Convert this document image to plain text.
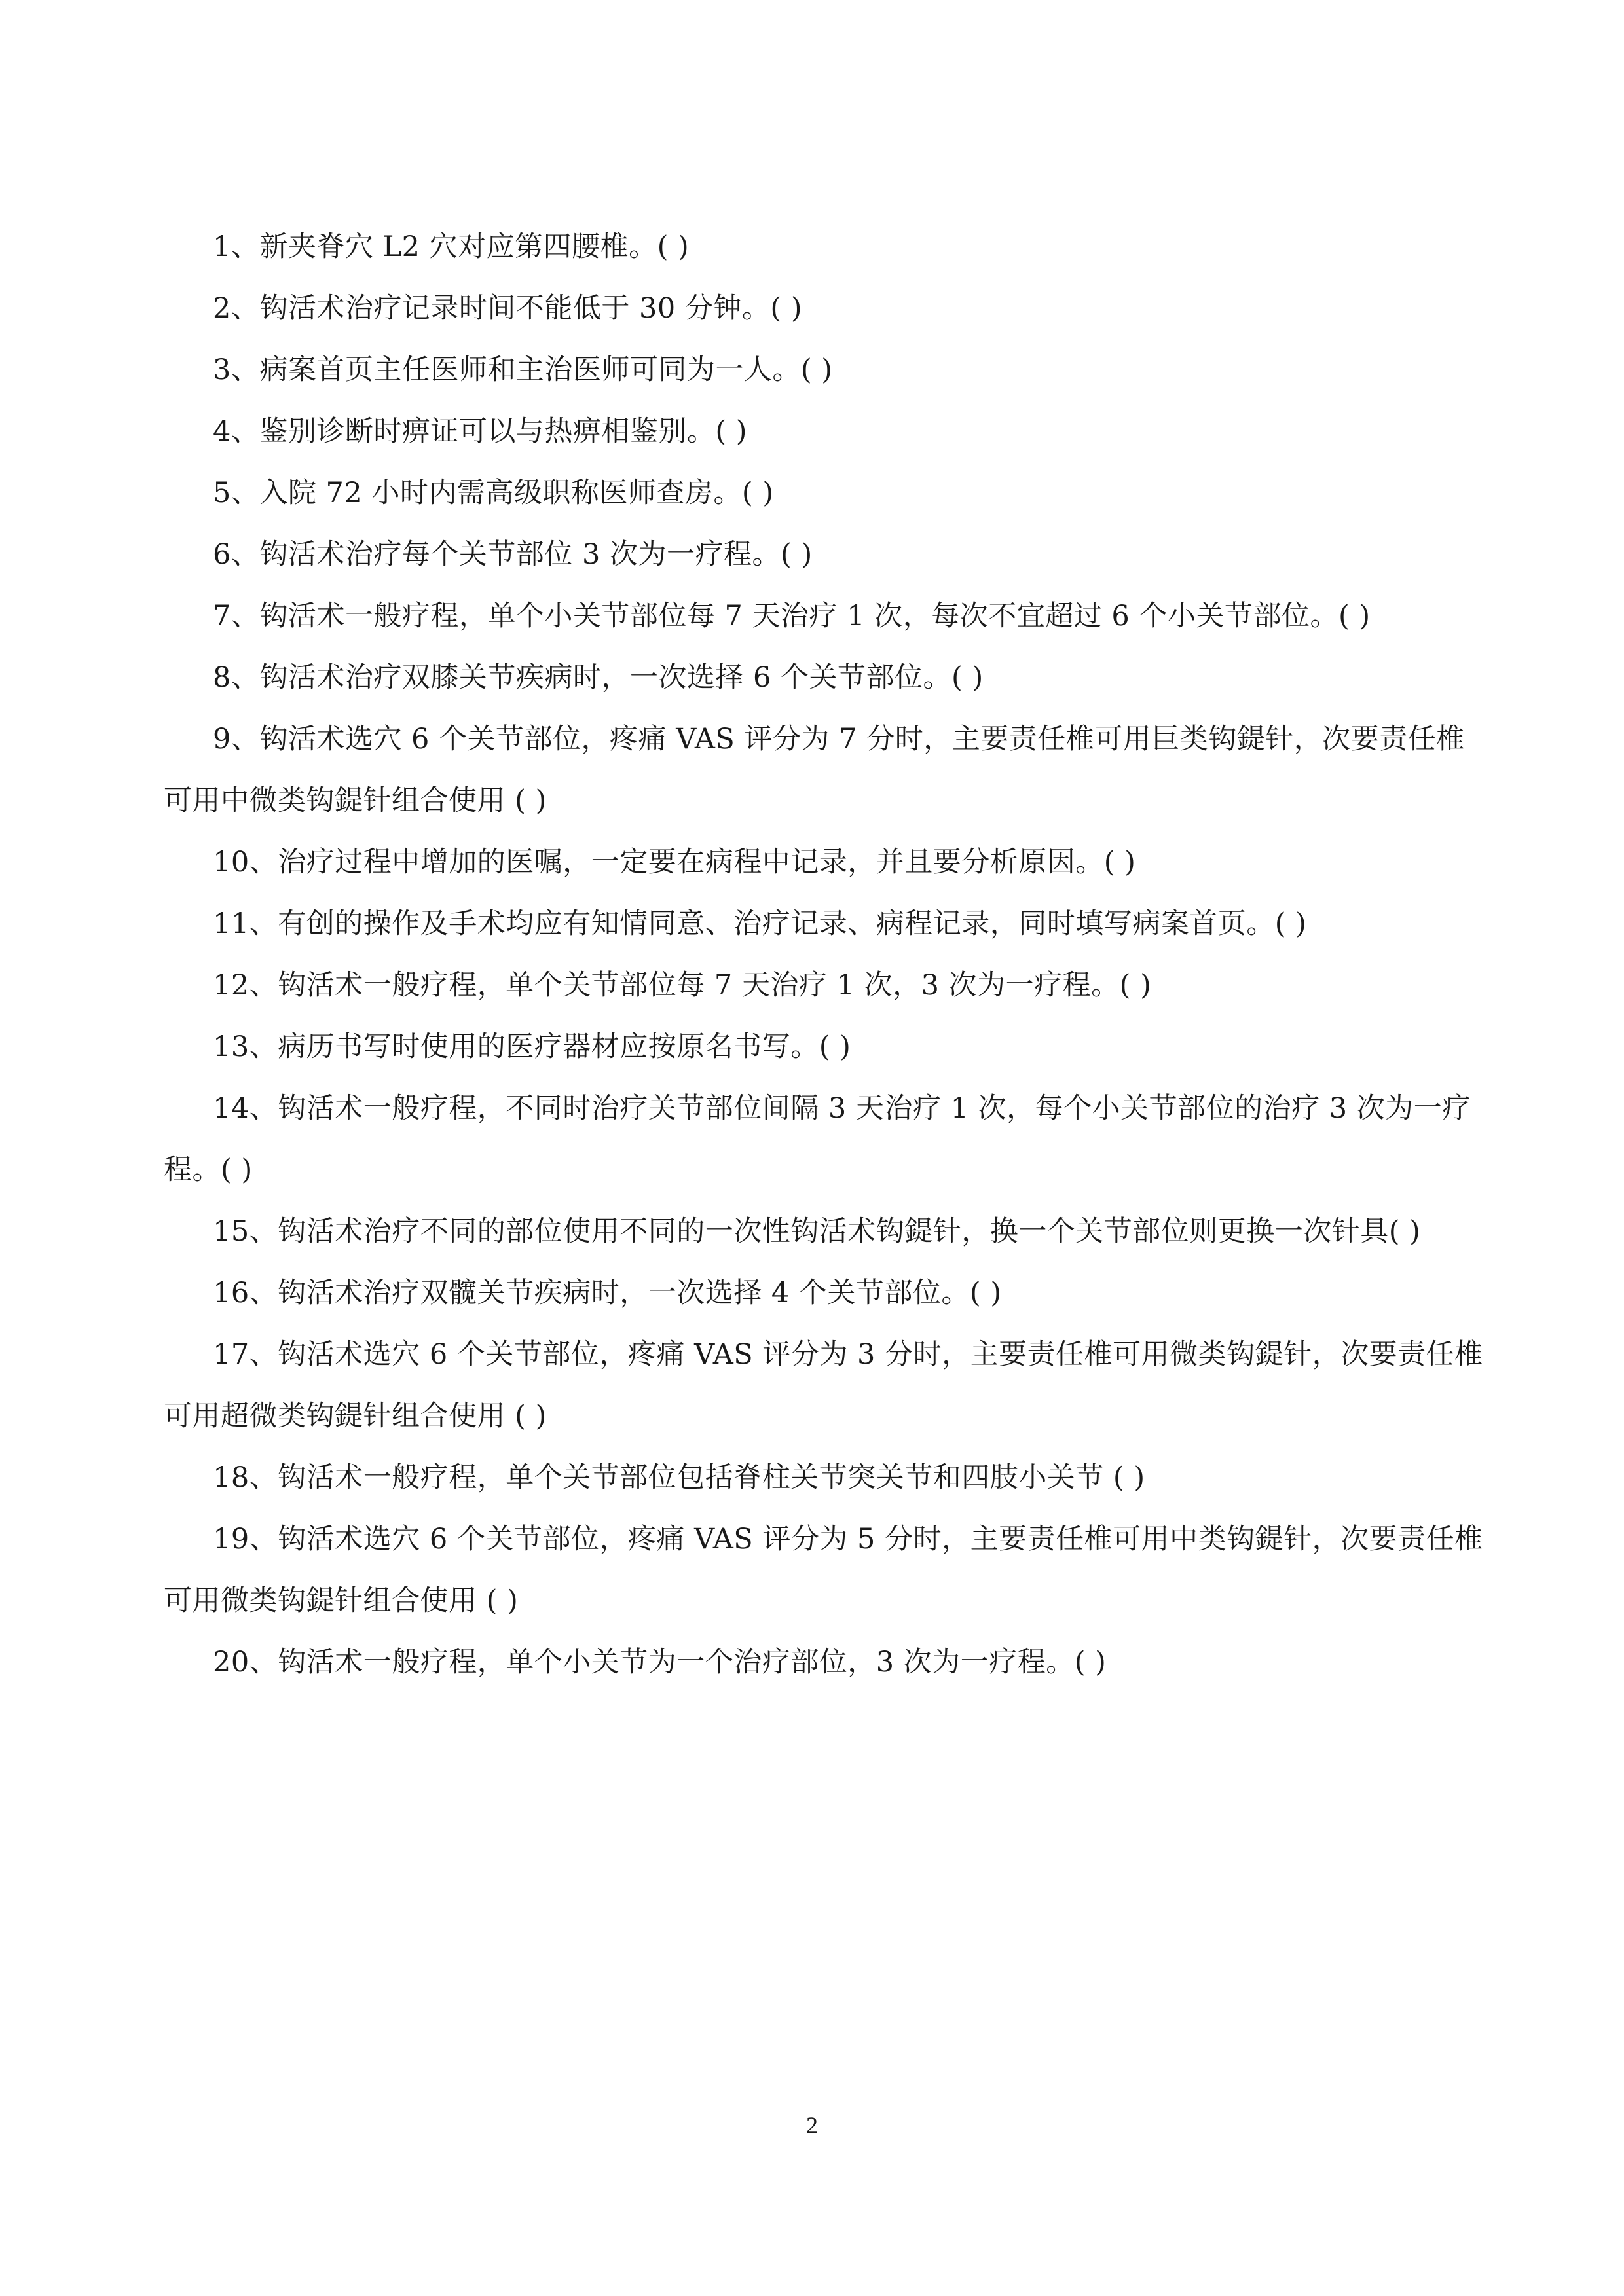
1、新夹脊穴 L2 穴对应第四腰椎。( )
2、钩活术治疗记录时间不能低于 30 分钟。( )
3、病案首页主任医师和主治医师可同为一人。( )
4、鉴别诊断时痹证可以与热痹相鉴别。( )
5、入院 72 小时内需高级职称医师查房。( )
6、钩活术治疗每个关节部位 3 次为一疗程。( )
7、钩活术一般疗程，单个小关节部位每 7 天治疗 1 次，每次不宜超过 6 个小关节部位。( )
8、钩活术治疗双膝关节疾病时，一次选择 6 个关节部位。( )
9、钩活术选穴 6 个关节部位，疼痛 VAS 评分为 7 分时，主要责任椎可用巨类钩鍉针，次要责任椎可用中微类钩鍉针组合使用 ( )
10、治疗过程中增加的医嘱，一定要在病程中记录，并且要分析原因。( )
11、有创的操作及手术均应有知情同意、治疗记录、病程记录，同时填写病案首页。( )
12、钩活术一般疗程，单个关节部位每 7 天治疗 1 次，3 次为一疗程。( )
13、病历书写时使用的医疗器材应按原名书写。( )
14、钩活术一般疗程，不同时治疗关节部位间隔 3 天治疗 1 次，每个小关节部位的治疗 3 次为一疗程。( )
15、钩活术治疗不同的部位使用不同的一次性钩活术钩鍉针，换一个关节部位则更换一次针具( )
16、钩活术治疗双髋关节疾病时，一次选择 4 个关节部位。( )
17、钩活术选穴 6 个关节部位，疼痛 VAS 评分为 3 分时，主要责任椎可用微类钩鍉针，次要责任椎可用超微类钩鍉针组合使用 ( )
18、钩活术一般疗程，单个关节部位包括脊柱关节突关节和四肢小关节 ( )
19、钩活术选穴 6 个关节部位，疼痛 VAS 评分为 5 分时，主要责任椎可用中类钩鍉针，次要责任椎可用微类钩鍉针组合使用 ( )
20、钩活术一般疗程，单个小关节为一个治疗部位，3 次为一疗程。( )
2
